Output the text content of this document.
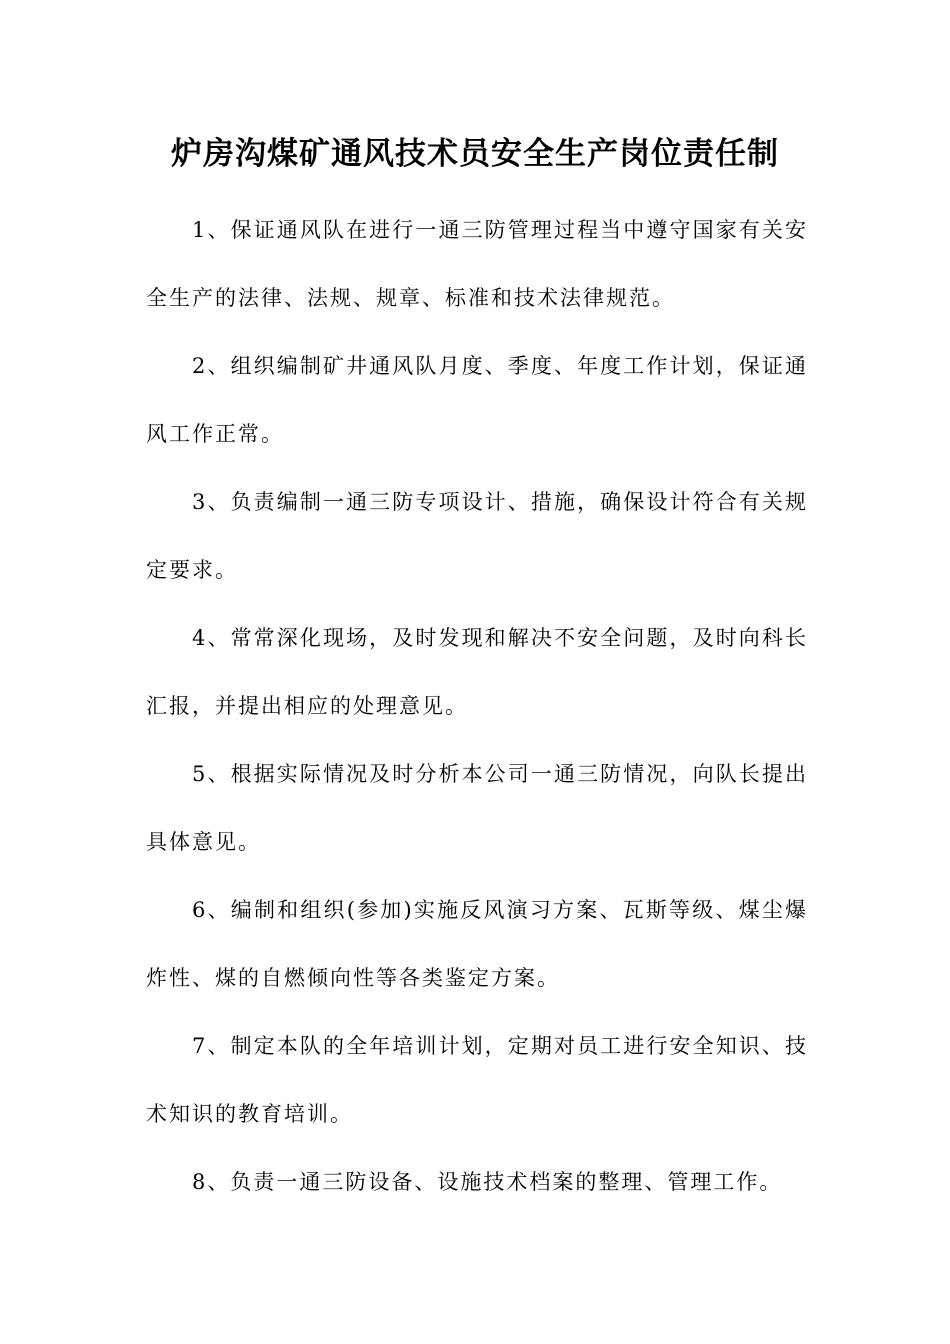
炉房沟煤矿通风技术员安全生产岗位责任制

1、保证通风队在进行一通三防管理过程当中遵守国家有关安全生产的法律、法规、规章、标准和技术法律规范。

2、组织编制矿井通风队月度、季度、年度工作计划，保证通风工作正常。

3、负责编制一通三防专项设计、措施，确保设计符合有关规定要求。

4、常常深化现场，及时发现和解决不安全问题，及时向科长汇报，并提出相应的处理意见。

5、根据实际情况及时分析本公司一通三防情况，向队长提出具体意见。

6、编制和组织(参加)实施反风演习方案、瓦斯等级、煤尘爆炸性、煤的自燃倾向性等各类鉴定方案。

7、制定本队的全年培训计划，定期对员工进行安全知识、技术知识的教育培训。

8、负责一通三防设备、设施技术档案的整理、管理工作。
